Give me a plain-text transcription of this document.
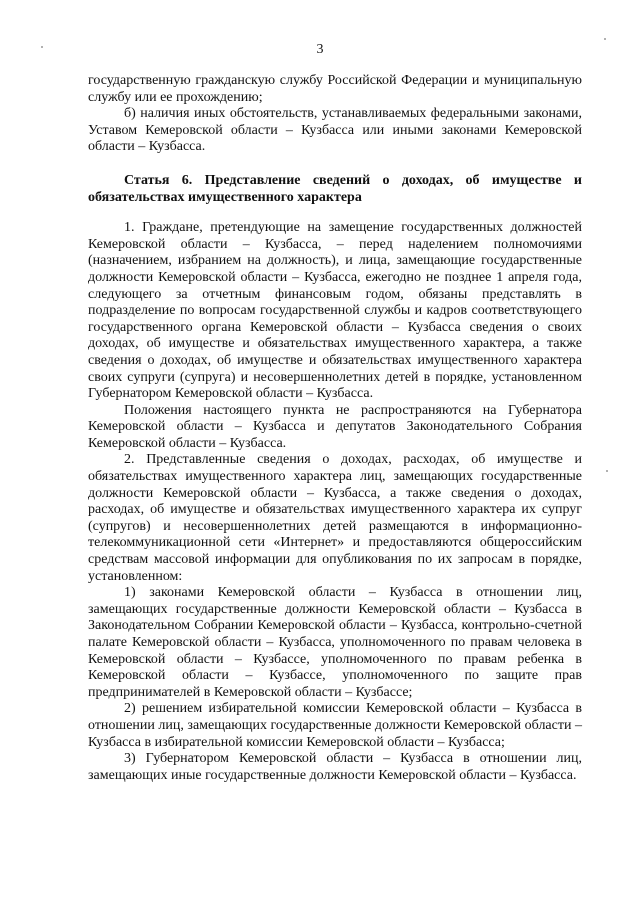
3

государственную гражданскую службу Российской Федерации и муниципальную службу или ее прохождению;

б) наличия иных обстоятельств, устанавливаемых федеральными законами, Уставом Кемеровской области – Кузбасса или иными законами Кемеровской области – Кузбасса.

Статья 6. Представление сведений о доходах, об имуществе и обязательствах имущественного характера

1. Граждане, претендующие на замещение государственных должностей Кемеровской области – Кузбасса, – перед наделением полномочиями (назначением, избранием на должность), и лица, замещающие государственные должности Кемеровской области – Кузбасса, ежегодно не позднее 1 апреля года, следующего за отчетным финансовым годом, обязаны представлять в подразделение по вопросам государственной службы и кадров соответствующего государственного органа Кемеровской области – Кузбасса сведения о своих доходах, об имуществе и обязательствах имущественного характера, а также сведения о доходах, об имуществе и обязательствах имущественного характера своих супруги (супруга) и несовершеннолетних детей в порядке, установленном Губернатором Кемеровской области – Кузбасса.

Положения настоящего пункта не распространяются на Губернатора Кемеровской области – Кузбасса и депутатов Законодательного Собрания Кемеровской области – Кузбасса.

2. Представленные сведения о доходах, расходах, об имуществе и обязательствах имущественного характера лиц, замещающих государственные должности Кемеровской области – Кузбасса, а также сведения о доходах, расходах, об имуществе и обязательствах имущественного характера их супруг (супругов) и несовершеннолетних детей размещаются в информационно-телекоммуникационной сети «Интернет» и предоставляются общероссийским средствам массовой информации для опубликования по их запросам в порядке, установленном:

1) законами Кемеровской области – Кузбасса в отношении лиц, замещающих государственные должности Кемеровской области – Кузбасса в Законодательном Собрании Кемеровской области – Кузбасса, контрольно-счетной палате Кемеровской области – Кузбасса, уполномоченного по правам человека в Кемеровской области – Кузбассе, уполномоченного по правам ребенка в Кемеровской области – Кузбассе, уполномоченного по защите прав предпринимателей в Кемеровской области – Кузбассе;

2) решением избирательной комиссии Кемеровской области – Кузбасса в отношении лиц, замещающих государственные должности Кемеровской области – Кузбасса в избирательной комиссии Кемеровской области – Кузбасса;

3) Губернатором Кемеровской области – Кузбасса в отношении лиц, замещающих иные государственные должности Кемеровской области – Кузбасса.
